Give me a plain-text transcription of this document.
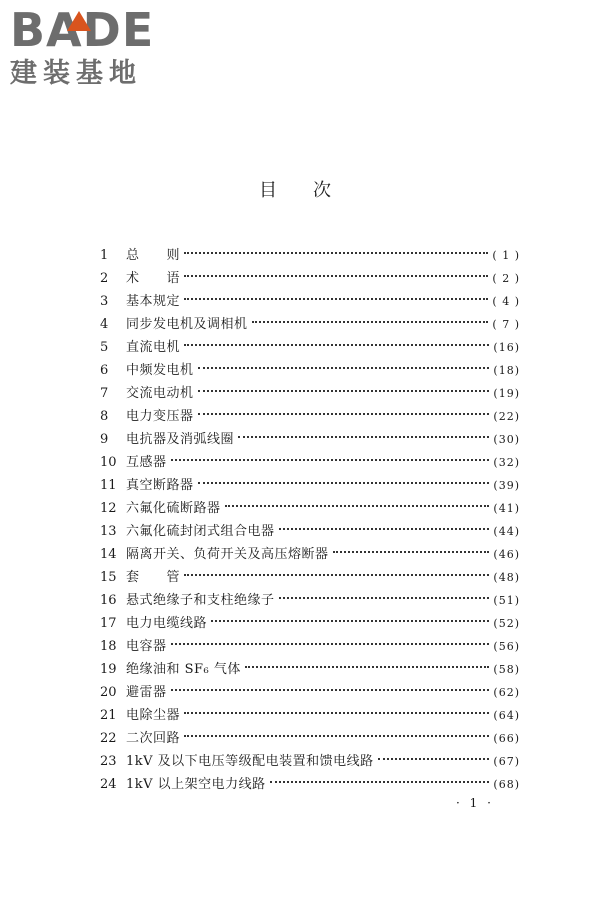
BADE
建装基地
目次
1	总　　则	( 1 )
2	术　　语	( 2 )
3	基本规定	( 4 )
4	同步发电机及调相机	( 7 )
5	直流电机	(16)
6	中频发电机	(18)
7	交流电动机	(19)
8	电力变压器	(22)
9	电抗器及消弧线圈	(30)
10 互感器	(32)
11 真空断路器	(39)
12 六氟化硫断路器	(41)
13 六氟化硫封闭式组合电器	(44)
14 隔离开关、负荷开关及高压熔断器	(46)
15 套　　管	(48)
16 悬式绝缘子和支柱绝缘子	(51)
17 电力电缆线路	(52)
18 电容器	(56)
19 绝缘油和 SF₆ 气体	(58)
20 避雷器	(62)
21 电除尘器	(64)
22 二次回路	(66)
23 1kV 及以下电压等级配电装置和馈电线路	(67)
24 1kV 以上架空电力线路	(68)
· 1 ·
